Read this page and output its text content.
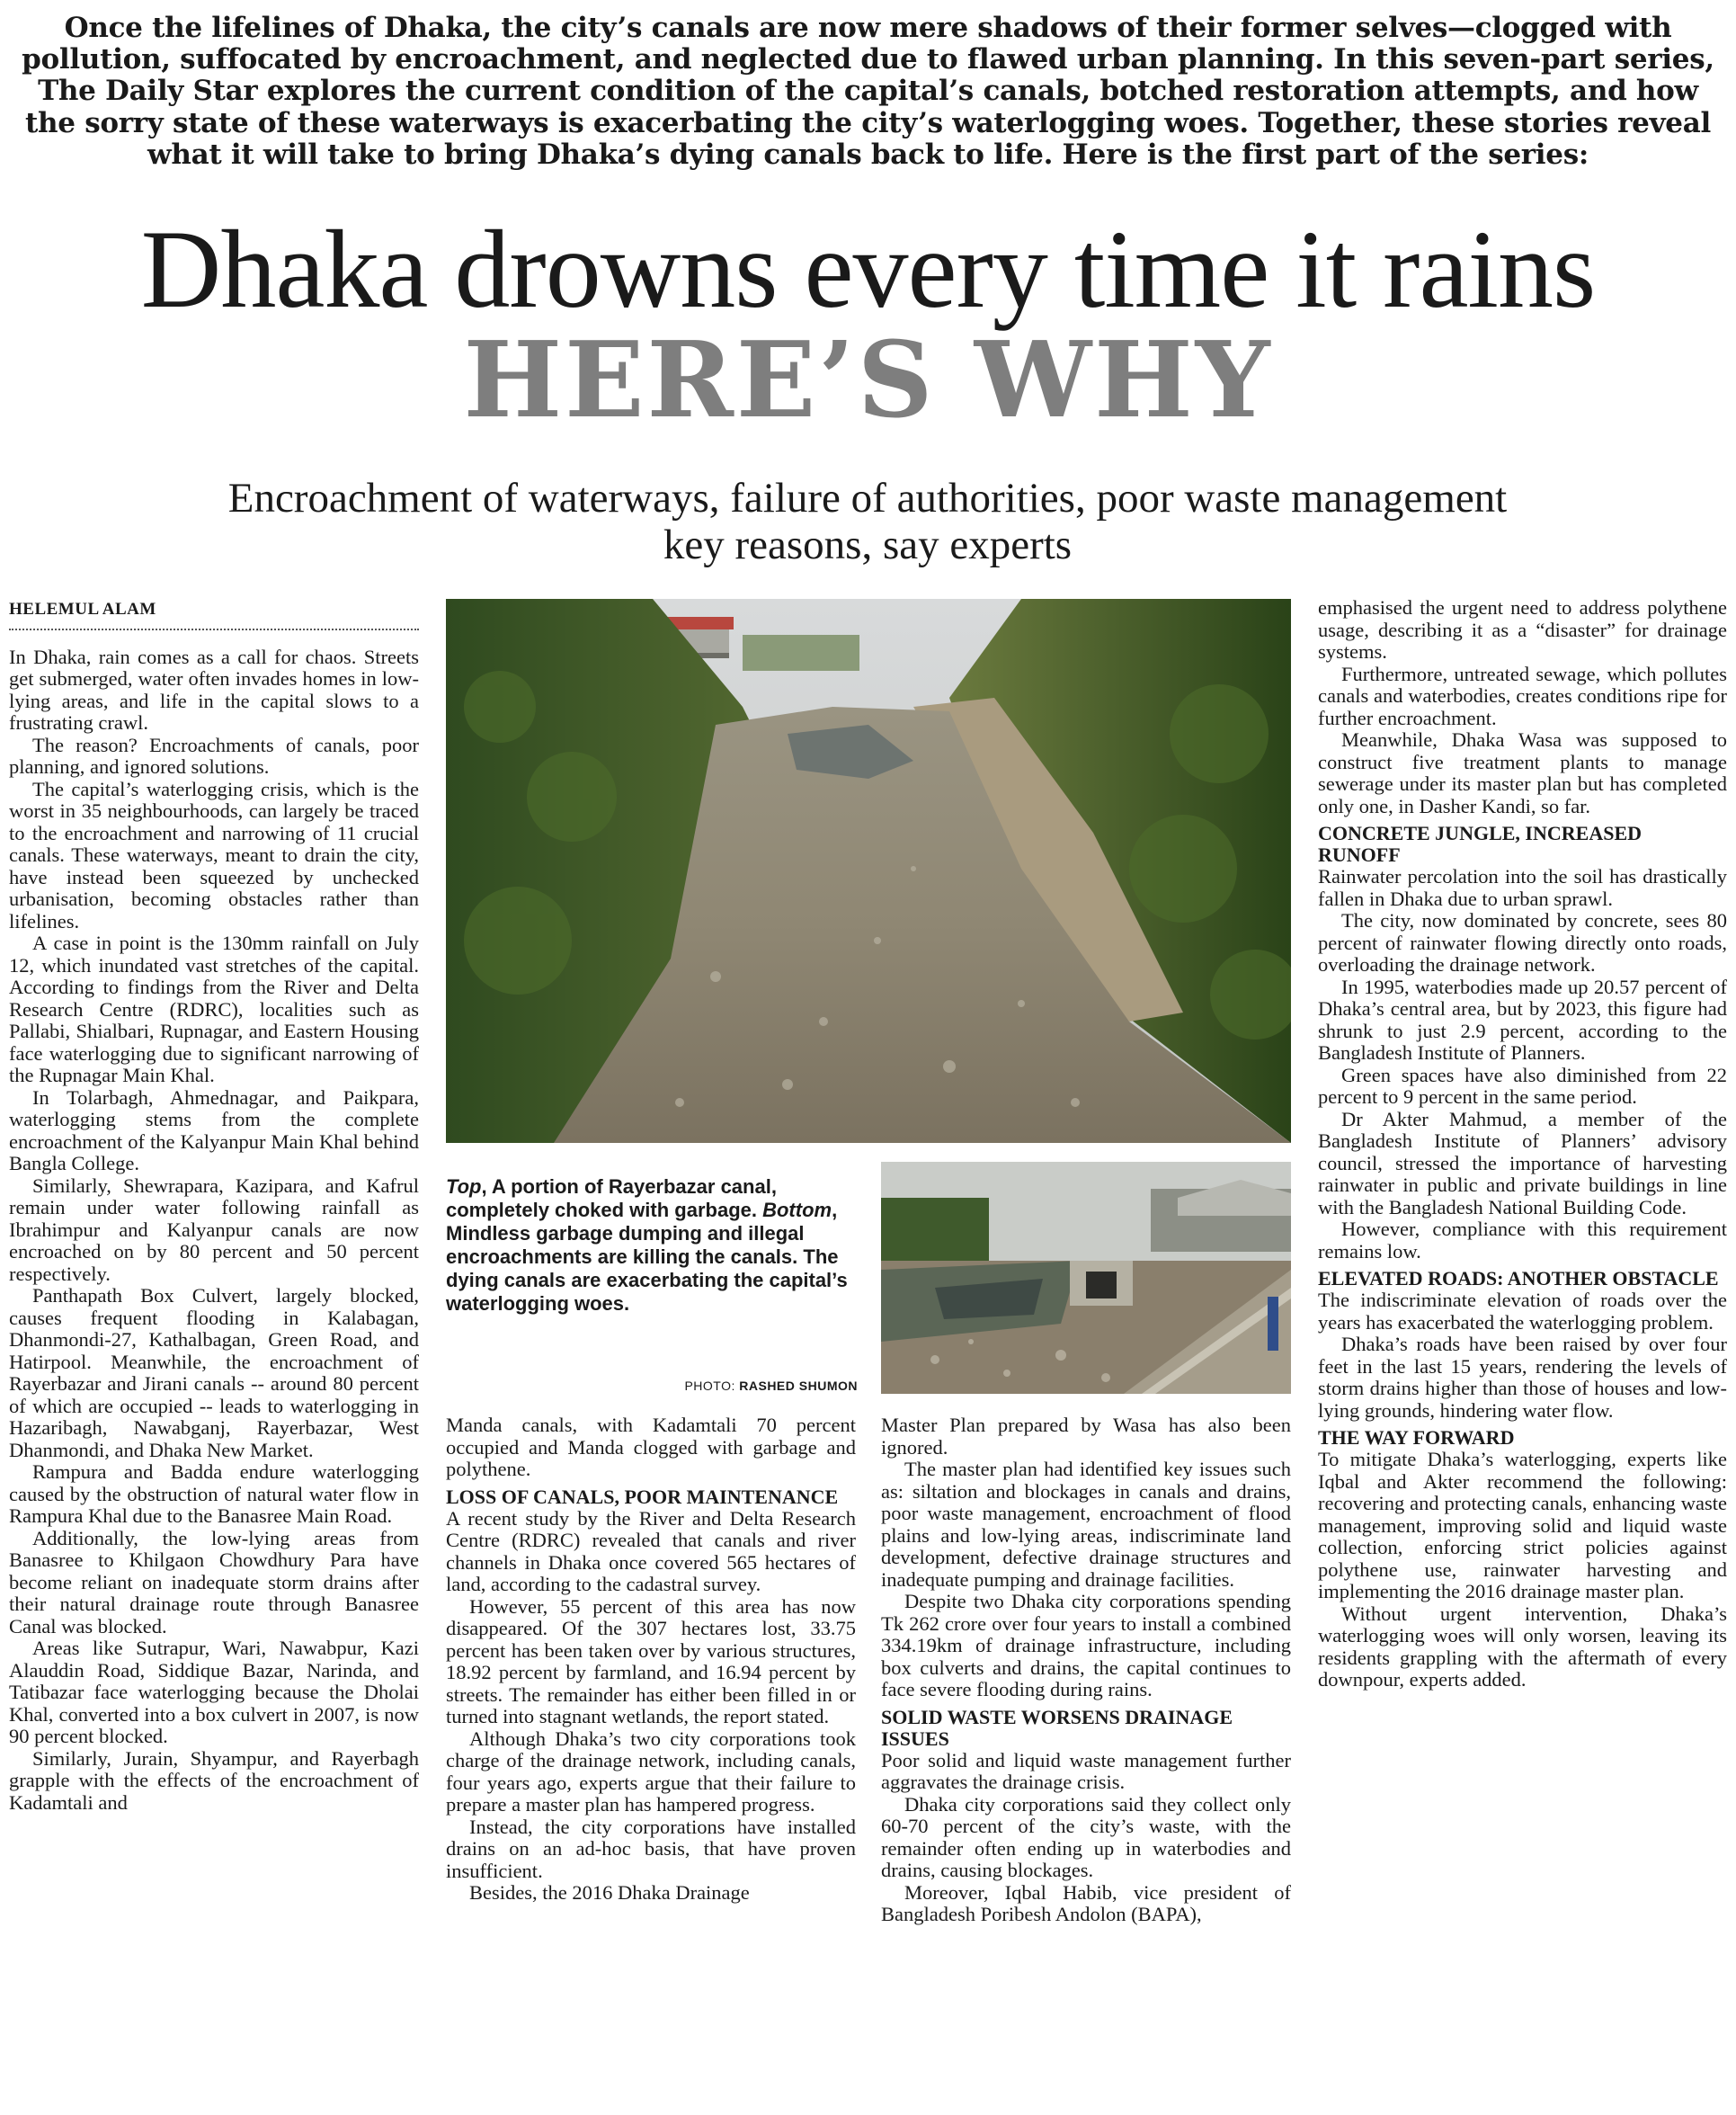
Once the lifelines of Dhaka, the city’s canals are now mere shadows of their former selves—clogged with pollution, suffocated by encroachment, and neglected due to flawed urban planning. In this seven-part series, The Daily Star explores the current condition of the capital’s canals, botched restoration attempts, and how the sorry state of these waterways is exacerbating the city’s waterlogging woes. Together, these stories reveal what it will take to bring Dhaka’s dying canals back to life. Here is the first part of the series:

Dhaka drowns every time it rains
HERE’S WHY
Encroachment of waterways, failure of authorities, poor waste management key reasons, say experts
HELEMUL ALAM

In Dhaka, rain comes as a call for chaos. Streets get submerged, water often invades homes in low-lying areas, and life in the capital slows to a frustrating crawl.

The reason? Encroachments of canals, poor planning, and ignored solutions.

The capital’s waterlogging crisis, which is the worst in 35 neighbourhoods, can largely be traced to the encroachment and narrowing of 11 crucial canals. These waterways, meant to drain the city, have instead been squeezed by unchecked urbanisation, becoming obstacles rather than lifelines.

A case in point is the 130mm rainfall on July 12, which inundated vast stretches of the capital. According to findings from the River and Delta Research Centre (RDRC), localities such as Pallabi, Shialbari, Rupnagar, and Eastern Housing face waterlogging due to significant narrowing of the Rupnagar Main Khal.

In Tolarbagh, Ahmednagar, and Paikpara, waterlogging stems from the complete encroachment of the Kalyanpur Main Khal behind Bangla College.

Similarly, Shewrapara, Kazipara, and Kafrul remain under water following rainfall as Ibrahimpur and Kalyanpur canals are now encroached on by 80 percent and 50 percent respectively.

Panthapath Box Culvert, largely blocked, causes frequent flooding in Kalabagan, Dhanmondi-27, Kathalbagan, Green Road, and Hatirpool. Meanwhile, the encroachment of Rayerbazar and Jirani canals -- around 80 percent of which are occupied -- leads to waterlogging in Hazaribagh, Nawabganj, Rayerbazar, West Dhanmondi, and Dhaka New Market.

Rampura and Badda endure waterlogging caused by the obstruction of natural water flow in Rampura Khal due to the Banasree Main Road.

Additionally, the low-lying areas from Banasree to Khilgaon Chowdhury Para have become reliant on inadequate storm drains after their natural drainage route through Banasree Canal was blocked.

Areas like Sutrapur, Wari, Nawabpur, Kazi Alauddin Road, Siddique Bazar, Narinda, and Tatibazar face waterlogging because the Dholai Khal, converted into a box culvert in 2007, is now 90 percent blocked.

Similarly, Jurain, Shyampur, and Rayerbagh grapple with the effects of the encroachment of Kadamtali and

Top, A portion of Rayerbazar canal, completely choked with garbage. Bottom, Mindless garbage dumping and illegal encroachments are killing the canals. The dying canals are exacerbating the capital’s waterlogging woes.

PHOTO: RASHED SHUMON

Manda canals, with Kadamtali 70 percent occupied and Manda clogged with garbage and polythene.

LOSS OF CANALS, POOR MAINTENANCE

A recent study by the River and Delta Research Centre (RDRC) revealed that canals and river channels in Dhaka once covered 565 hectares of land, according to the cadastral survey.

However, 55 percent of this area has now disappeared. Of the 307 hectares lost, 33.75 percent has been taken over by various structures, 18.92 percent by farmland, and 16.94 percent by streets. The remainder has either been filled in or turned into stagnant wetlands, the report stated.

Although Dhaka’s two city corporations took charge of the drainage network, including canals, four years ago, experts argue that their failure to prepare a master plan has hampered progress.

Instead, the city corporations have installed drains on an ad-hoc basis, that have proven insufficient.

Besides, the 2016 Dhaka Drainage

Master Plan prepared by Wasa has also been ignored.

The master plan had identified key issues such as: siltation and blockages in canals and drains, poor waste management, encroachment of flood plains and low-lying areas, indiscriminate land development, defective drainage structures and inadequate pumping and drainage facilities.

Despite two Dhaka city corporations spending Tk 262 crore over four years to install a combined 334.19km of drainage infrastructure, including box culverts and drains, the capital continues to face severe flooding during rains.

SOLID WASTE WORSENS DRAINAGE ISSUES

Poor solid and liquid waste management further aggravates the drainage crisis.

Dhaka city corporations said they collect only 60-70 percent of the city’s waste, with the remainder often ending up in waterbodies and drains, causing blockages.

Moreover, Iqbal Habib, vice president of Bangladesh Poribesh Andolon (BAPA),

emphasised the urgent need to address polythene usage, describing it as a “disaster” for drainage systems.

Furthermore, untreated sewage, which pollutes canals and waterbodies, creates conditions ripe for further encroachment.

Meanwhile, Dhaka Wasa was supposed to construct five treatment plants to manage sewerage under its master plan but has completed only one, in Dasher Kandi, so far.

CONCRETE JUNGLE, INCREASED RUNOFF

Rainwater percolation into the soil has drastically fallen in Dhaka due to urban sprawl.

The city, now dominated by concrete, sees 80 percent of rainwater flowing directly onto roads, overloading the drainage network.

In 1995, waterbodies made up 20.57 percent of Dhaka’s central area, but by 2023, this figure had shrunk to just 2.9 percent, according to the Bangladesh Institute of Planners.

Green spaces have also diminished from 22 percent to 9 percent in the same period.

Dr Akter Mahmud, a member of the Bangladesh Institute of Planners’ advisory council, stressed the importance of harvesting rainwater in public and private buildings in line with the Bangladesh National Building Code.

However, compliance with this requirement remains low.

ELEVATED ROADS: ANOTHER OBSTACLE

The indiscriminate elevation of roads over the years has exacerbated the waterlogging problem.

Dhaka’s roads have been raised by over four feet in the last 15 years, rendering the levels of storm drains higher than those of houses and low-lying grounds, hindering water flow.

THE WAY FORWARD

To mitigate Dhaka’s waterlogging, experts like Iqbal and Akter recommend the following: recovering and protecting canals, enhancing waste management, improving solid and liquid waste collection, enforcing strict policies against polythene use, rainwater harvesting and implementing the 2016 drainage master plan.

Without urgent intervention, Dhaka’s waterlogging woes will only worsen, leaving its residents grappling with the aftermath of every downpour, experts added.
